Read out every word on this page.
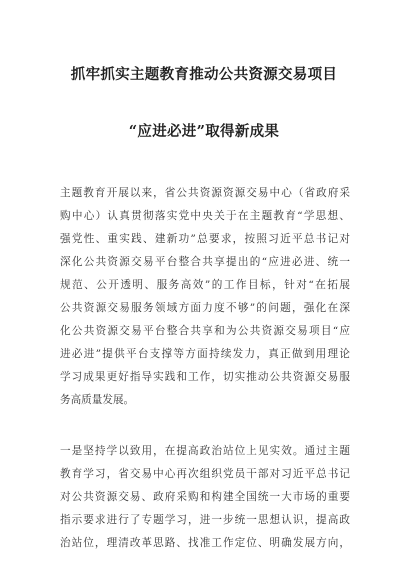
抓牢抓实主题教育推动公共资源交易项目
“应进必进”取得新成果
主题教育开展以来，省公共资源资源交易中心（省政府采
购中心）认真贯彻落实党中央关于在主题教育“学思想、
强党性、重实践、建新功”总要求，按照习近平总书记对
深化公共资源交易平台整合共享提出的“应进必进、统一
规范、公开透明、服务高效”的工作目标，针对“在拓展
公共资源交易服务领域方面力度不够”的问题，强化在深
化公共资源交易平台整合共享和为公共资源交易项目“应
进必进”提供平台支撑等方面持续发力，真正做到用理论
学习成果更好指导实践和工作，切实推动公共资源交易服
务高质量发展。
一是坚持学以致用，在提高政治站位上见实效。通过主题
教育学习，省交易中心再次组织党员干部对习近平总书记
对公共资源交易、政府采购和构建全国统一大市场的重要
指示要求进行了专题学习，进一步统一思想认识，提高政
治站位，理清改革思路、找准工作定位、明确发展方向，
